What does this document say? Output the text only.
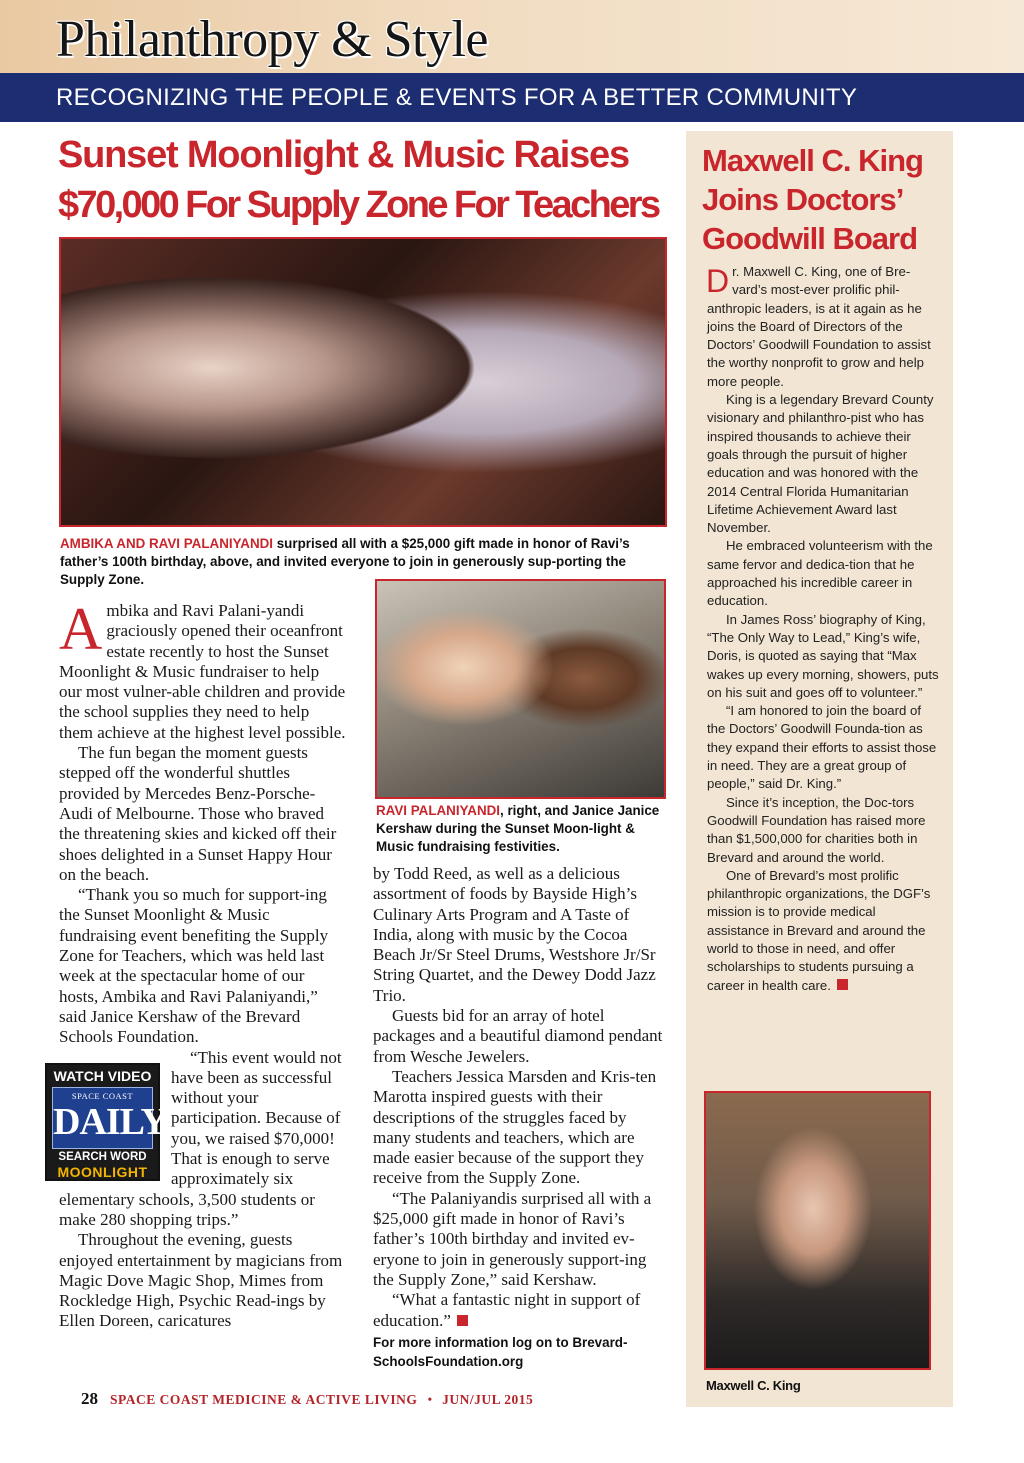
Philanthropy & Style
RECOGNIZING THE PEOPLE & EVENTS FOR A BETTER COMMUNITY
Sunset Moonlight & Music Raises
$70,000 For Supply Zone For Teachers
AMBIKA AND RAVI PALANIYANDI surprised all with a $25,000 gift made in honor of Ravi’s father’s 100th birthday, above, and invited everyone to join in generously sup-porting the Supply Zone.
RAVI PALANIYANDI, right, and Janice Janice Kershaw during the Sunset Moon-light & Music fundraising festivities.

Ambika and Ravi Palani-yandi graciously opened their oceanfront estate recently to host the Sunset Moonlight & Music fundraiser to help our most vulner-able children and provide the school supplies they need to help them achieve at the highest level possible.

The fun began the moment guests stepped off the wonderful shuttles provided by Mercedes Benz-Porsche-Audi of Melbourne. Those who braved the threatening skies and kicked off their shoes delighted in a Sunset Happy Hour on the beach.

“Thank you so much for support-ing the Sunset Moonlight & Music fundraising event benefiting the Supply Zone for Teachers, which was held last week at the spectacular home of our hosts, Ambika and Ravi Palaniyandi,” said Janice Kershaw of the Brevard Schools Foundation.

“This event would not have been as successful without your participation. Because of you, we raised $70,000! That is enough to serve approximately six elementary schools, 3,500 students or make 280 shopping trips.”

Throughout the evening, guests enjoyed entertainment by magicians from Magic Dove Magic Shop, Mimes from Rockledge High, Psychic Read-ings by Ellen Doreen, caricatures

WATCH VIDEO
SPACE COAST
DAILY
SEARCH WORD
MOONLIGHT

by Todd Reed, as well as a delicious assortment of foods by Bayside High’s Culinary Arts Program and A Taste of India, along with music by the Cocoa Beach Jr/Sr Steel Drums, Westshore Jr/Sr String Quartet, and the Dewey Dodd Jazz Trio.

Guests bid for an array of hotel packages and a beautiful diamond pendant from Wesche Jewelers.

Teachers Jessica Marsden and Kris-ten Marotta inspired guests with their descriptions of the struggles faced by many students and teachers, which are made easier because of the support they receive from the Supply Zone.

“The Palaniyandis surprised all with a $25,000 gift made in honor of Ravi’s father’s 100th birthday and invited ev-eryone to join in generously support-ing the Supply Zone,” said Kershaw.

“What a fantastic night in support of education.”

For more information log on to Brevard-SchoolsFoundation.org
Maxwell C. King Joins Doctors’ Goodwill Board

Dr. Maxwell C. King, one of Bre-vard’s most-ever prolific phil-anthropic leaders, is at it again as he joins the Board of Directors of the Doctors’ Goodwill Foundation to assist the worthy nonprofit to grow and help more people.

King is a legendary Brevard County visionary and philanthro-pist who has inspired thousands to achieve their goals through the pursuit of higher education and was honored with the 2014 Central Florida Humanitarian Lifetime Achievement Award last November.

He embraced volunteerism with the same fervor and dedica-tion that he approached his incredible career in education.

In James Ross’ biography of King, “The Only Way to Lead,” King’s wife, Doris, is quoted as saying that “Max wakes up every morning, showers, puts on his suit and goes off to volunteer.”

“I am honored to join the board of the Doctors’ Goodwill Founda-tion as they expand their efforts to assist those in need. They are a great group of people,” said Dr. King.”

Since it’s inception, the Doc-tors Goodwill Foundation has raised more than $1,500,000 for charities both in Brevard and around the world.

One of Brevard’s most prolific philanthropic organizations, the DGF’s mission is to provide medical assistance in Brevard and around the world to those in need, and offer scholarships to students pursuing a career in health care.

Maxwell C. King
28 SPACE COAST MEDICINE & ACTIVE LIVING • JUN/JUL 2015
